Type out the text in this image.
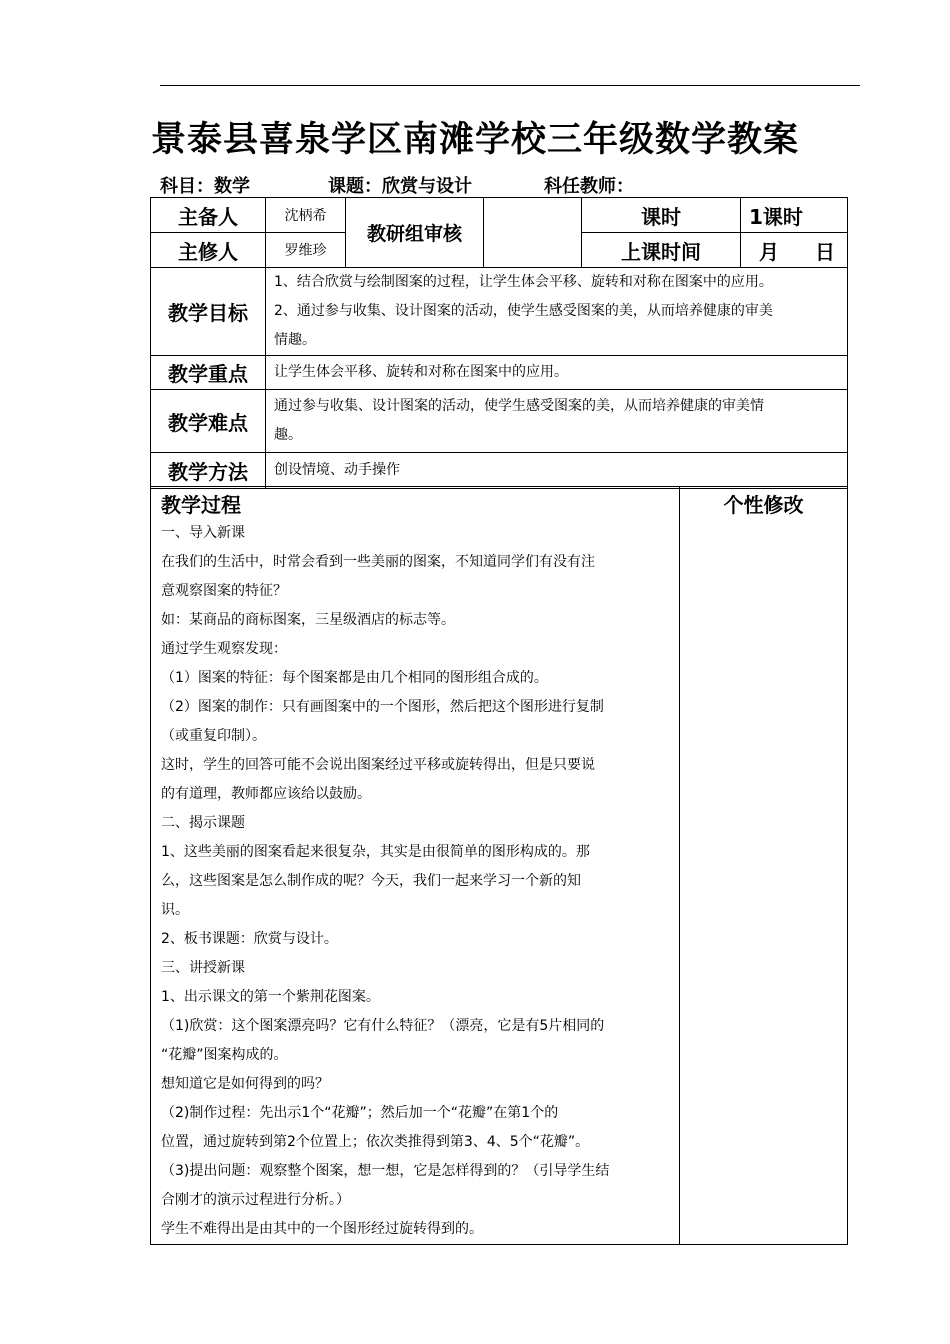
景泰县喜泉学区南滩学校三年级数学教案
科目：数学	课题：欣赏与设计	科任教师：
主备人	沈柄希	教研组审核		课时	1课时
主修人	罗维珍			上课时间	月 日
教学目标	1、结合欣赏与绘制图案的过程，让学生体会平移、旋转和对称在图案中的应用。
2、通过参与收集、设计图案的活动，使学生感受图案的美，从而培养健康的审美
情趣。				

教学重点	让学生体会平移、旋转和对称在图案中的应用。				
教学难点	通过参与收集、设计图案的活动，使学生感受图案的美，从而培养健康的审美情
趣。				

教学方法	创设情境、动手操作				
教学过程
一、导入新课
在我们的生活中，时常会看到一些美丽的图案，不知道同学们有没有注
意观察图案的特征？
如：某商品的商标图案，三星级酒店的标志等。
通过学生观察发现：
（1）图案的特征：每个图案都是由几个相同的图形组合成的。
（2）图案的制作：只有画图案中的一个图形，然后把这个图形进行复制
（或重复印制）。
这时，学生的回答可能不会说出图案经过平移或旋转得出，但是只要说
的有道理，教师都应该给以鼓励。
二、揭示课题
1、这些美丽的图案看起来很复杂，其实是由很简单的图形构成的。那
么，这些图案是怎么制作成的呢？今天，我们一起来学习一个新的知
识。
2、板书课题：欣赏与设计。
三、讲授新课
1、出示课文的第一个紫荆花图案。
（1)欣赏：这个图案漂亮吗？它有什么特征？（漂亮，它是有5片相同的
“花瓣”图案构成的。
想知道它是如何得到的吗？
（2)制作过程：先出示1个“花瓣”；然后加一个“花瓣”在第1个的
位置，通过旋转到第2个位置上；依次类推得到第3、4、5个“花瓣”。
（3)提出问题：观察整个图案，想一想，它是怎样得到的？（引导学生结
合刚才的演示过程进行分析。）
学生不难得出是由其中的一个图形经过旋转得到的。

个性修改
